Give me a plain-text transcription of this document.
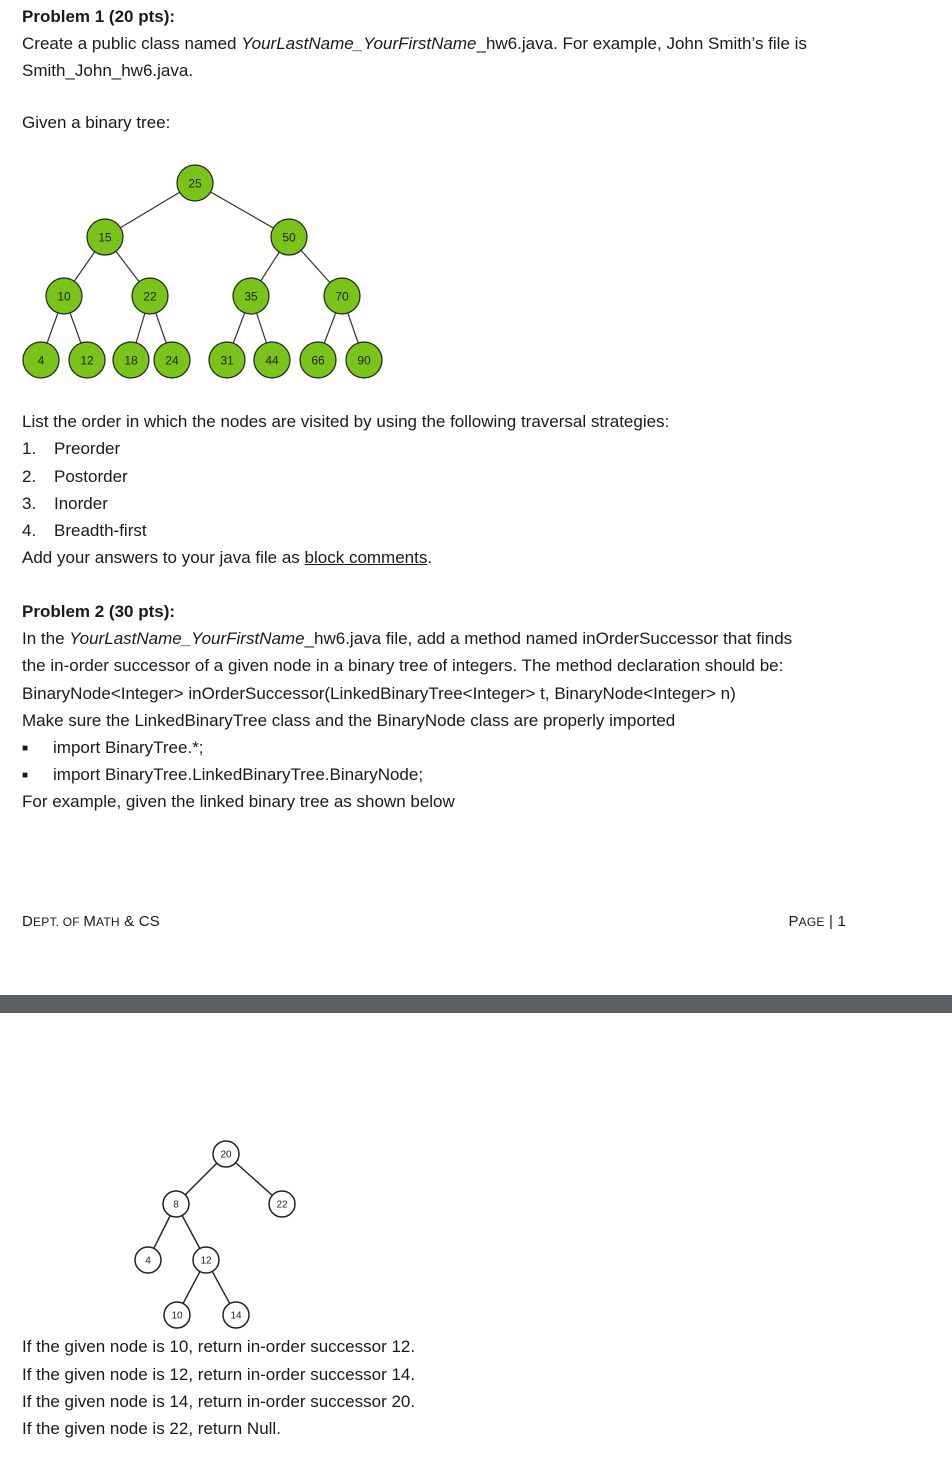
Problem 1 (20 pts):
Create a public class named YourLastName_YourFirstName_hw6.java. For example, John Smith’s file is
Smith_John_hw6.java.
Given a binary tree:
25
15	50
10	22	35	70
4	12	18 24	31	44	66	90
List the order in which the nodes are visited by using the following traversal strategies:
1. Preorder
2. Postorder
3. Inorder
4. Breadth-first
Add your answers to your java file as block comments.
Problem 2 (30 pts):
In the YourLastName_YourFirstName_hw6.java file, add a method named inOrderSuccessor that finds
the in-order successor of a given node in a binary tree of integers. The method declaration should be:
BinaryNode<Integer> inOrderSuccessor(LinkedBinaryTree<Integer> t, BinaryNode<Integer> n)
Make sure the LinkedBinaryTree class and the BinaryNode class are properly imported
■ import BinaryTree.*;
■ import BinaryTree.LinkedBinaryTree.BinaryNode;
For example, given the linked binary tree as shown below
DEPT. OF MATH & CS	PAGE | 1
20
8	22
4	12
10	14
If the given node is 10, return in-order successor 12.
If the given node is 12, return in-order successor 14.
If the given node is 14, return in-order successor 20.
If the given node is 22, return Null.
